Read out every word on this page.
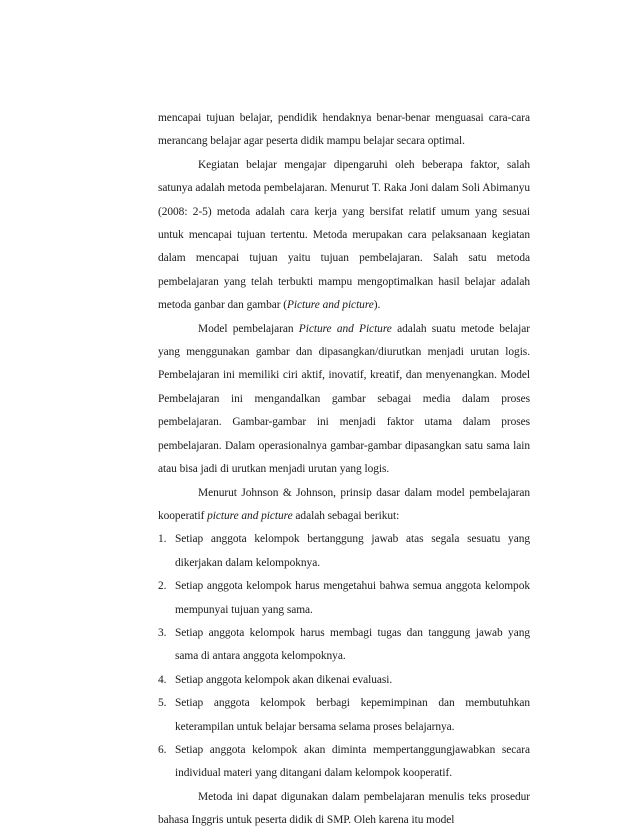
mencapai tujuan belajar, pendidik hendaknya benar-benar menguasai cara-cara merancang belajar agar peserta didik mampu belajar secara optimal.

Kegiatan belajar mengajar dipengaruhi oleh beberapa faktor, salah satunya adalah metoda pembelajaran. Menurut T. Raka Joni dalam Soli Abimanyu (2008: 2-5) metoda adalah cara kerja yang bersifat relatif umum yang sesuai untuk mencapai tujuan tertentu. Metoda merupakan cara pelaksanaan kegiatan dalam mencapai tujuan yaitu tujuan pembelajaran. Salah satu metoda pembelajaran yang telah terbukti mampu mengoptimalkan hasil belajar adalah metoda ganbar dan gambar (Picture and picture).

Model pembelajaran Picture and Picture adalah suatu metode belajar yang menggunakan gambar dan dipasangkan/diurutkan menjadi urutan logis. Pembelajaran ini memiliki ciri aktif, inovatif, kreatif, dan menyenangkan. Model Pembelajaran ini mengandalkan gambar sebagai media dalam proses pembelajaran. Gambar-gambar ini menjadi faktor utama dalam proses pembelajaran. Dalam operasionalnya gambar-gambar dipasangkan satu sama lain atau bisa jadi di urutkan menjadi urutan yang logis.

Menurut Johnson & Johnson, prinsip dasar dalam model pembelajaran kooperatif picture and picture adalah sebagai berikut:

1. Setiap anggota kelompok bertanggung jawab atas segala sesuatu yang dikerjakan dalam kelompoknya.
2. Setiap anggota kelompok harus mengetahui bahwa semua anggota kelompok mempunyai tujuan yang sama.
3. Setiap anggota kelompok harus membagi tugas dan tanggung jawab yang sama di antara anggota kelompoknya.
4. Setiap anggota kelompok akan dikenai evaluasi.
5. Setiap anggota kelompok berbagi kepemimpinan dan membutuhkan keterampilan untuk belajar bersama selama proses belajarnya.
6. Setiap anggota kelompok akan diminta mempertanggungjawabkan secara individual materi yang ditangani dalam kelompok kooperatif.

Metoda ini dapat digunakan dalam pembelajaran menulis teks prosedur bahasa Inggris untuk peserta didik di SMP. Oleh karena itu model
